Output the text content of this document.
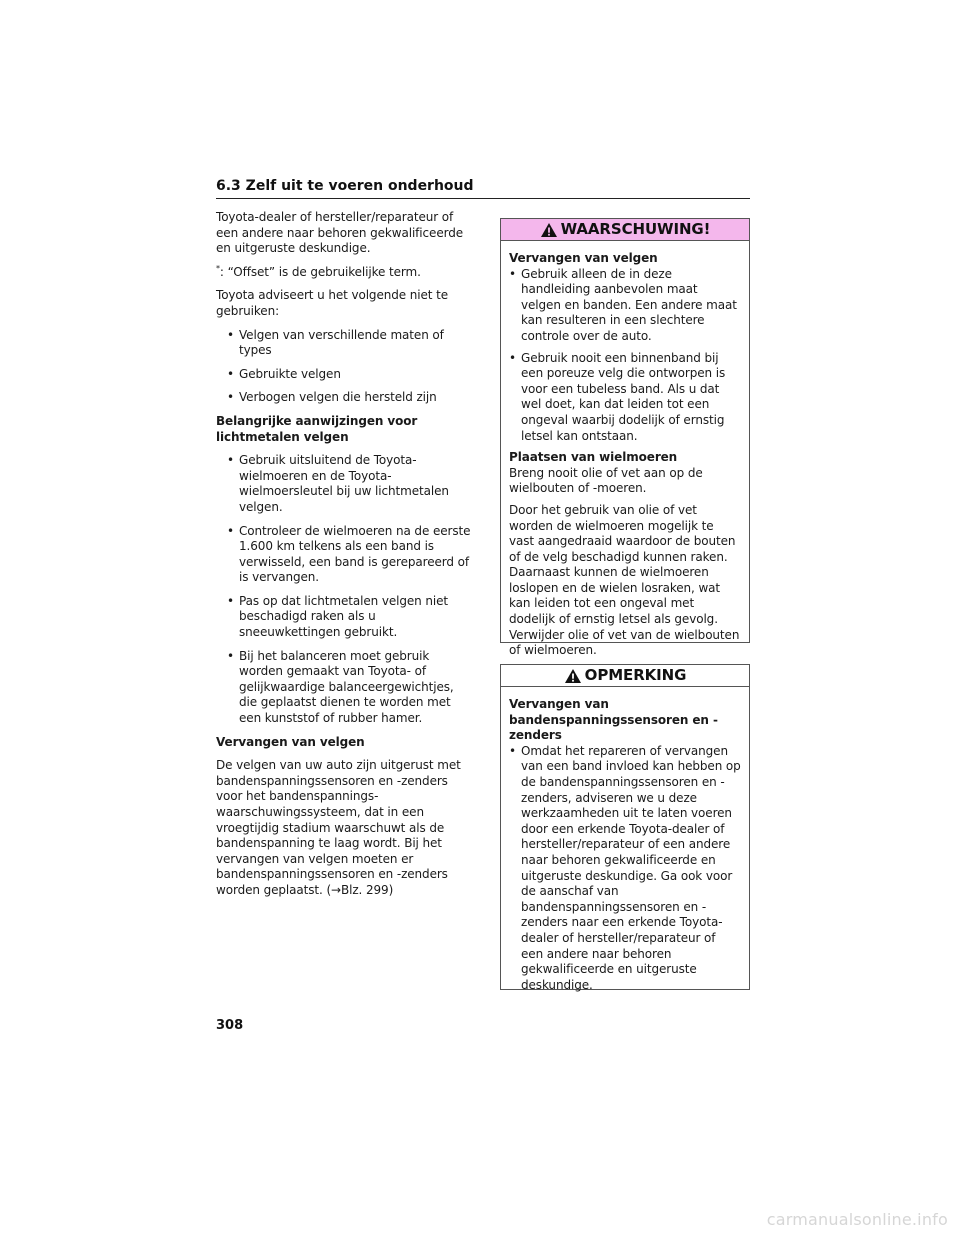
6.3 Zelf uit te voeren onderhoud

Toyota-dealer of hersteller/reparateur of een andere naar behoren gekwalificeerde en uitgeruste deskundige.

*: “Offset” is de gebruikelijke term.

Toyota adviseert u het volgende niet te gebruiken:

• Velgen van verschillende maten of types
• Gebruikte velgen
• Verbogen velgen die hersteld zijn

Belangrijke aanwijzingen voor lichtmetalen velgen

• Gebruik uitsluitend de Toyota-wielmoeren en de Toyota-wielmoersleutel bij uw lichtmetalen velgen.
• Controleer de wielmoeren na de eerste 1.600 km telkens als een band is verwisseld, een band is gerepareerd of is vervangen.
• Pas op dat lichtmetalen velgen niet beschadigd raken als u sneeuwkettingen gebruikt.
• Bij het balanceren moet gebruik worden gemaakt van Toyota- of gelijkwaardige balanceergewichtjes, die geplaatst dienen te worden met een kunststof of rubber hamer.

Vervangen van velgen

De velgen van uw auto zijn uitgerust met bandenspanningssensoren en -zenders voor het bandenspannings-waarschuwingssysteem, dat in een vroegtijdig stadium waarschuwt als de bandenspanning te laag wordt. Bij het vervangen van velgen moeten er bandenspanningssensoren en -zenders worden geplaatst. (→Blz. 299)

WAARSCHUWING!

Vervangen van velgen

• Gebruik alleen de in deze handleiding aanbevolen maat velgen en banden. Een andere maat kan resulteren in een slechtere controle over de auto.
• Gebruik nooit een binnenband bij een poreuze velg die ontworpen is voor een tubeless band. Als u dat wel doet, kan dat leiden tot een ongeval waarbij dodelijk of ernstig letsel kan ontstaan.

Plaatsen van wielmoeren

Breng nooit olie of vet aan op de wielbouten of -moeren.

Door het gebruik van olie of vet worden de wielmoeren mogelijk te vast aangedraaid waardoor de bouten of de velg beschadigd kunnen raken. Daarnaast kunnen de wielmoeren loslopen en de wielen losraken, wat kan leiden tot een ongeval met dodelijk of ernstig letsel als gevolg. Verwijder olie of vet van de wielbouten of wielmoeren.

OPMERKING

Vervangen van bandenspanningssensoren en -zenders

• Omdat het repareren of vervangen van een band invloed kan hebben op de bandenspanningssensoren en -zenders, adviseren we u deze werkzaamheden uit te laten voeren door een erkende Toyota-dealer of hersteller/reparateur of een andere naar behoren gekwalificeerde en uitgeruste deskundige. Ga ook voor de aanschaf van bandenspanningssensoren en -zenders naar een erkende Toyota-dealer of hersteller/reparateur of een andere naar behoren gekwalificeerde en uitgeruste deskundige.
308
carmanualsonline.info
